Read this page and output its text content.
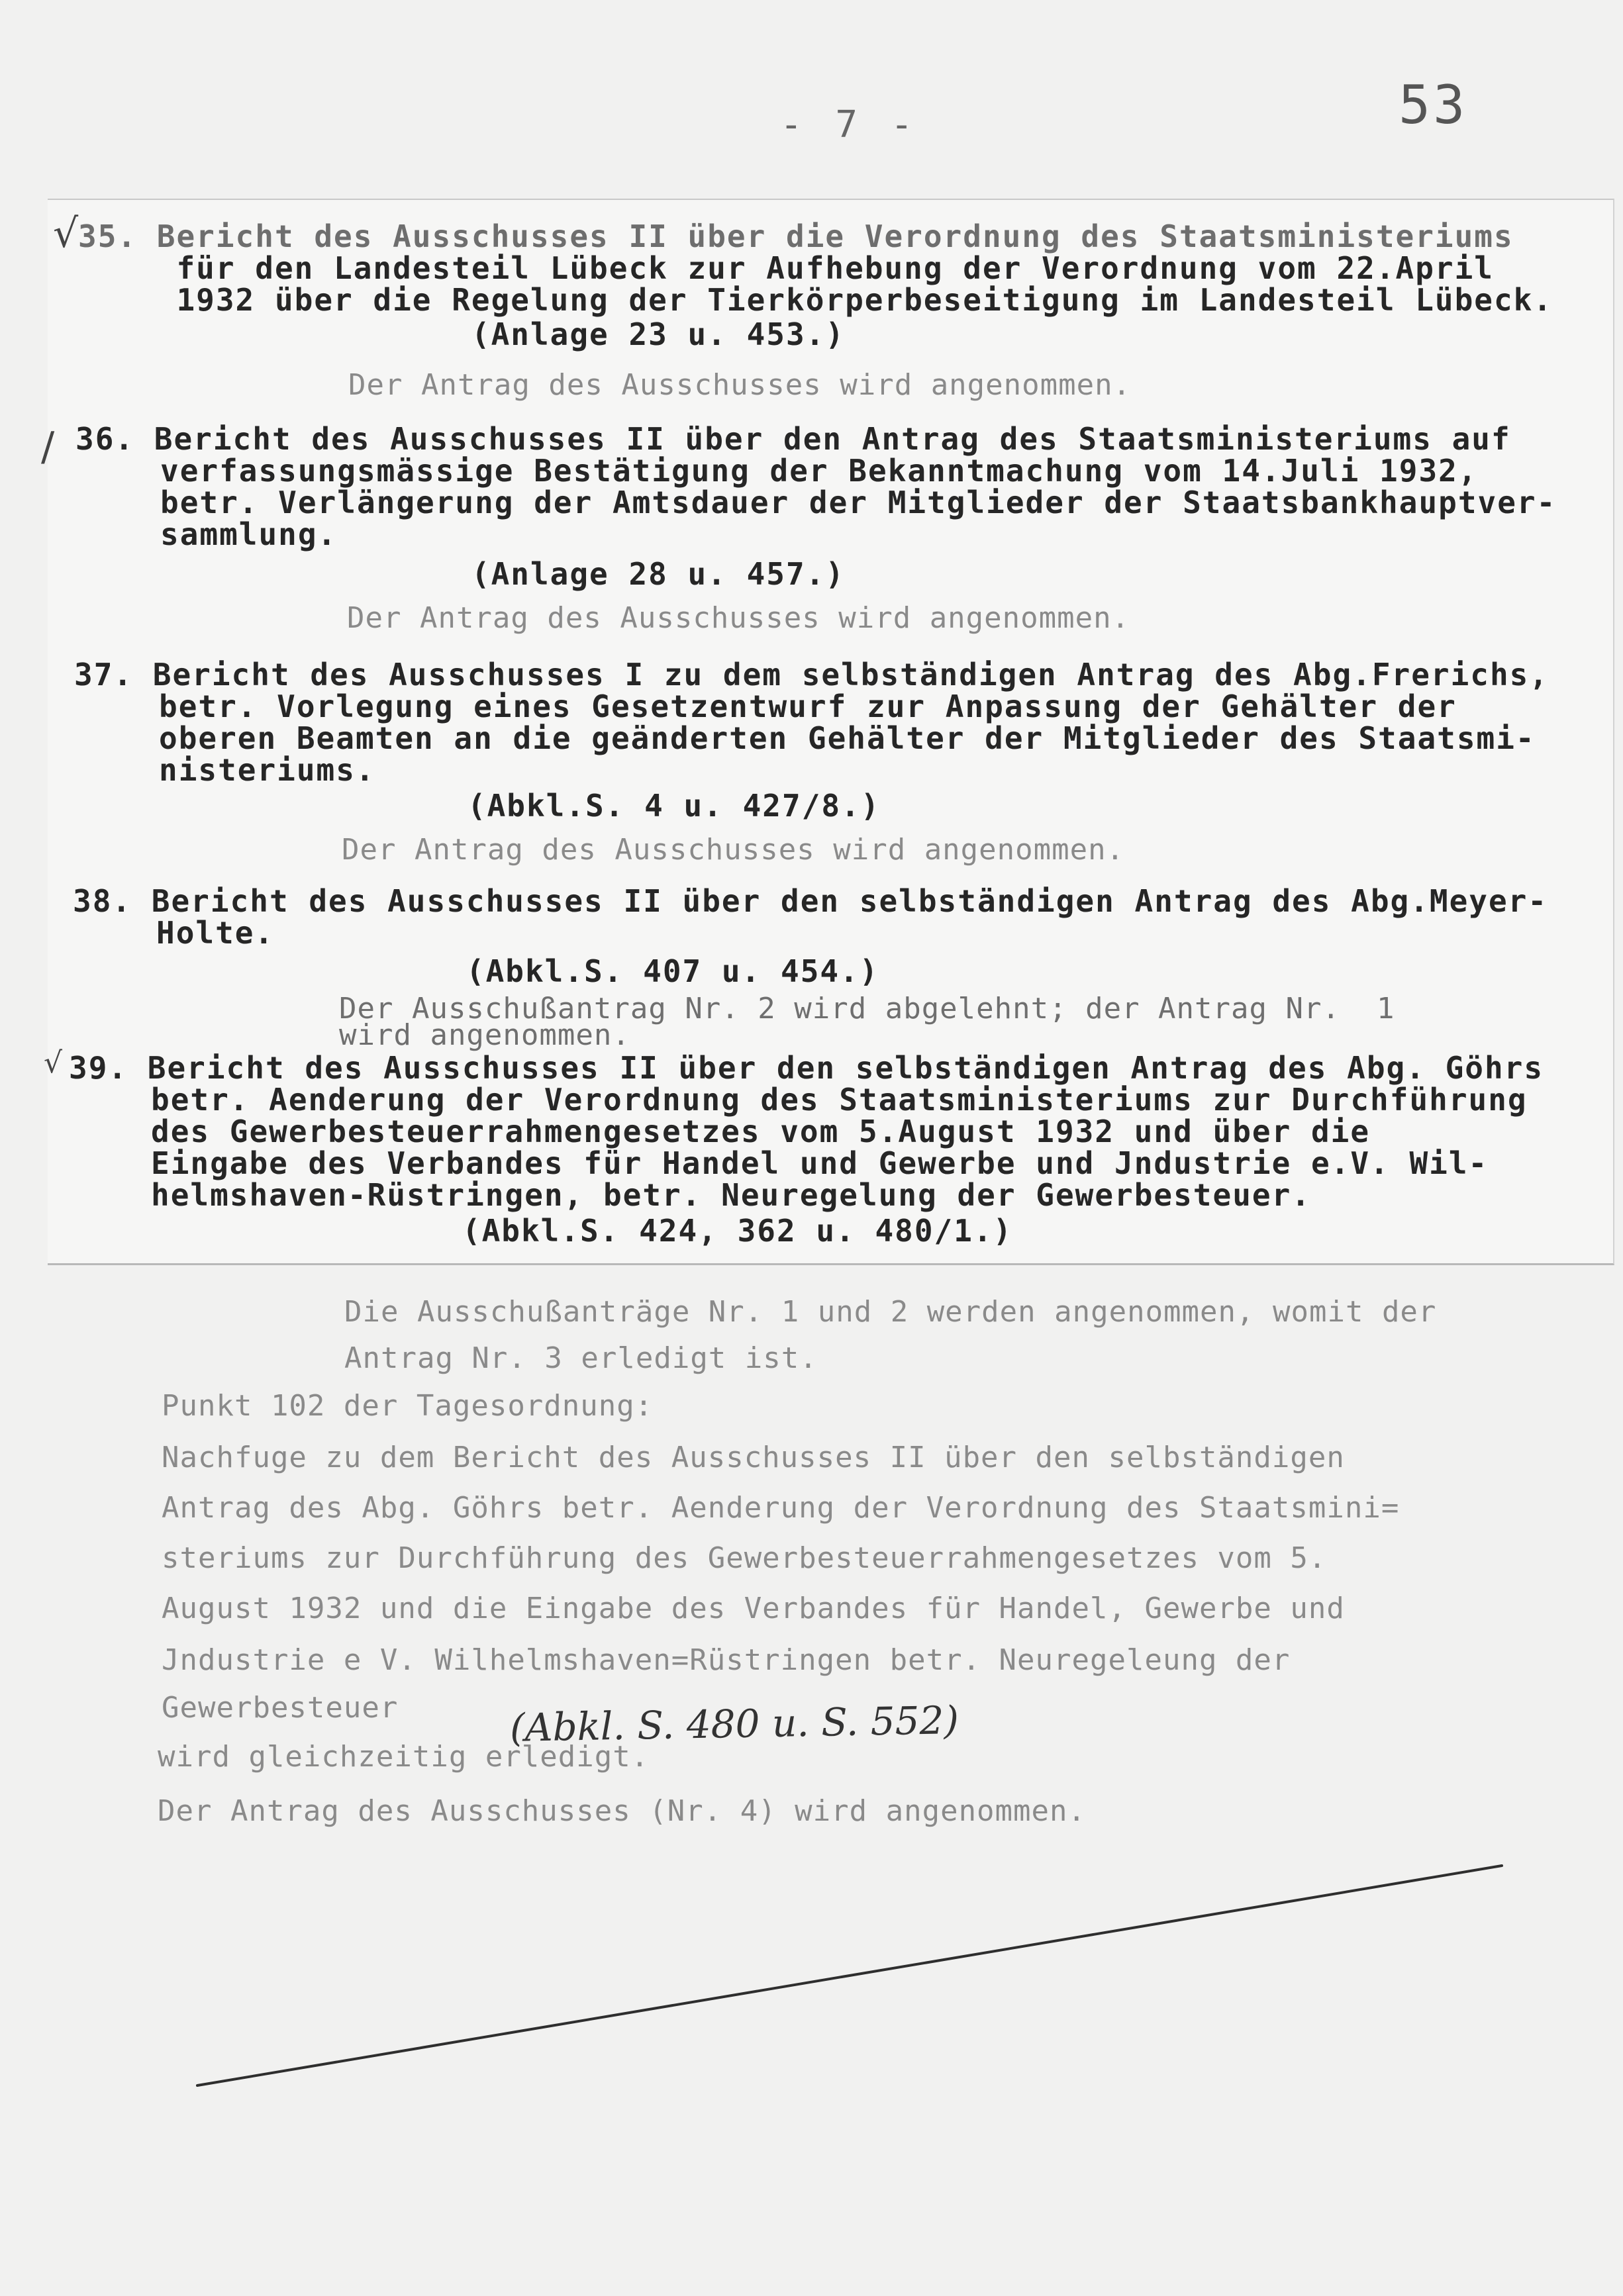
- 7 -	53
√
/
√
35. Bericht des Ausschusses II über die Verordnung des Staatsministeriums
für den Landesteil Lübeck zur Aufhebung der Verordnung vom 22.April
1932 über die Regelung der Tierkörperbeseitigung im Landesteil Lübeck.
(Anlage 23 u. 453.)
Der Antrag des Ausschusses wird angenommen.
36. Bericht des Ausschusses II über den Antrag des Staatsministeriums auf
verfassungsmässige Bestätigung der Bekanntmachung vom 14.Juli 1932,
betr. Verlängerung der Amtsdauer der Mitglieder der Staatsbankhauptver-
sammlung.
(Anlage 28 u. 457.)
Der Antrag des Ausschusses wird angenommen.
37. Bericht des Ausschusses I zu dem selbständigen Antrag des Abg.Frerichs,
betr. Vorlegung eines Gesetzentwurf zur Anpassung der Gehälter der
oberen Beamten an die geänderten Gehälter der Mitglieder des Staatsmi-
nisteriums.
(Abkl.S. 4 u. 427/8.)
Der Antrag des Ausschusses wird angenommen.
38. Bericht des Ausschusses II über den selbständigen Antrag des Abg.Meyer-
Holte.
(Abkl.S. 407 u. 454.)
Der Ausschußantrag Nr. 2 wird abgelehnt; der Antrag Nr.  1
wird angenommen.
39. Bericht des Ausschusses II über den selbständigen Antrag des Abg. Göhrs
betr. Aenderung der Verordnung des Staatsministeriums zur Durchführung
des Gewerbesteuerrahmengesetzes vom 5.August 1932 und über die
Eingabe des Verbandes für Handel und Gewerbe und Jndustrie e.V. Wil-
helmshaven-Rüstringen, betr. Neuregelung der Gewerbesteuer.
(Abkl.S. 424, 362 u. 480/1.)
Die Ausschußanträge Nr. 1 und 2 werden angenommen, womit der
Antrag Nr. 3 erledigt ist.
Punkt 102 der Tagesordnung:
Nachfuge zu dem Bericht des Ausschusses II über den selbständigen
Antrag des Abg. Göhrs betr. Aenderung der Verordnung des Staatsmini=
steriums zur Durchführung des Gewerbesteuerrahmengesetzes vom 5.
August 1932 und die Eingabe des Verbandes für Handel, Gewerbe und
Jndustrie e V. Wilhelmshaven=Rüstringen betr. Neuregeleung der
Gewerbesteuer	(Abkl. S. 480 u. S. 552)
wird gleichzeitig erledigt.
Der Antrag des Ausschusses (Nr. 4) wird angenommen.
